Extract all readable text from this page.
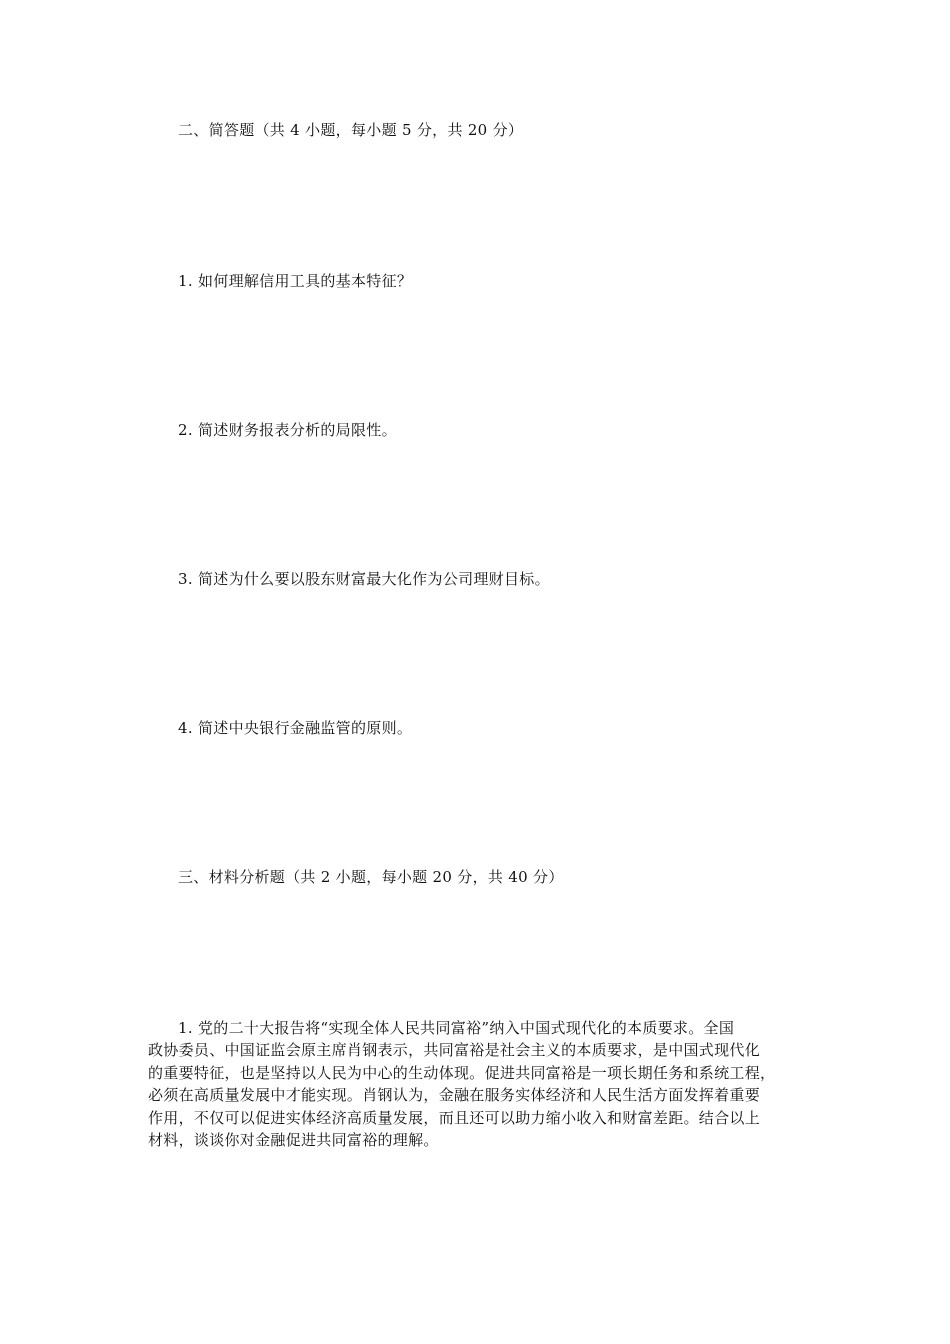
二、简答题（共 4 小题，每小题 5 分，共 20 分）
1. 如何理解信用工具的基本特征？
2. 简述财务报表分析的局限性。
3. 简述为什么要以股东财富最大化作为公司理财目标。
4. 简述中央银行金融监管的原则。
三、材料分析题（共 2 小题，每小题 20 分，共 40 分）
1. 党的二十大报告将“实现全体人民共同富裕”纳入中国式现代化的本质要求。全国
政协委员、中国证监会原主席肖钢表示，共同富裕是社会主义的本质要求，是中国式现代化
的重要特征，也是坚持以人民为中心的生动体现。促进共同富裕是一项长期任务和系统工程，
必须在高质量发展中才能实现。肖钢认为，金融在服务实体经济和人民生活方面发挥着重要
作用，不仅可以促进实体经济高质量发展，而且还可以助力缩小收入和财富差距。结合以上
材料，谈谈你对金融促进共同富裕的理解。
